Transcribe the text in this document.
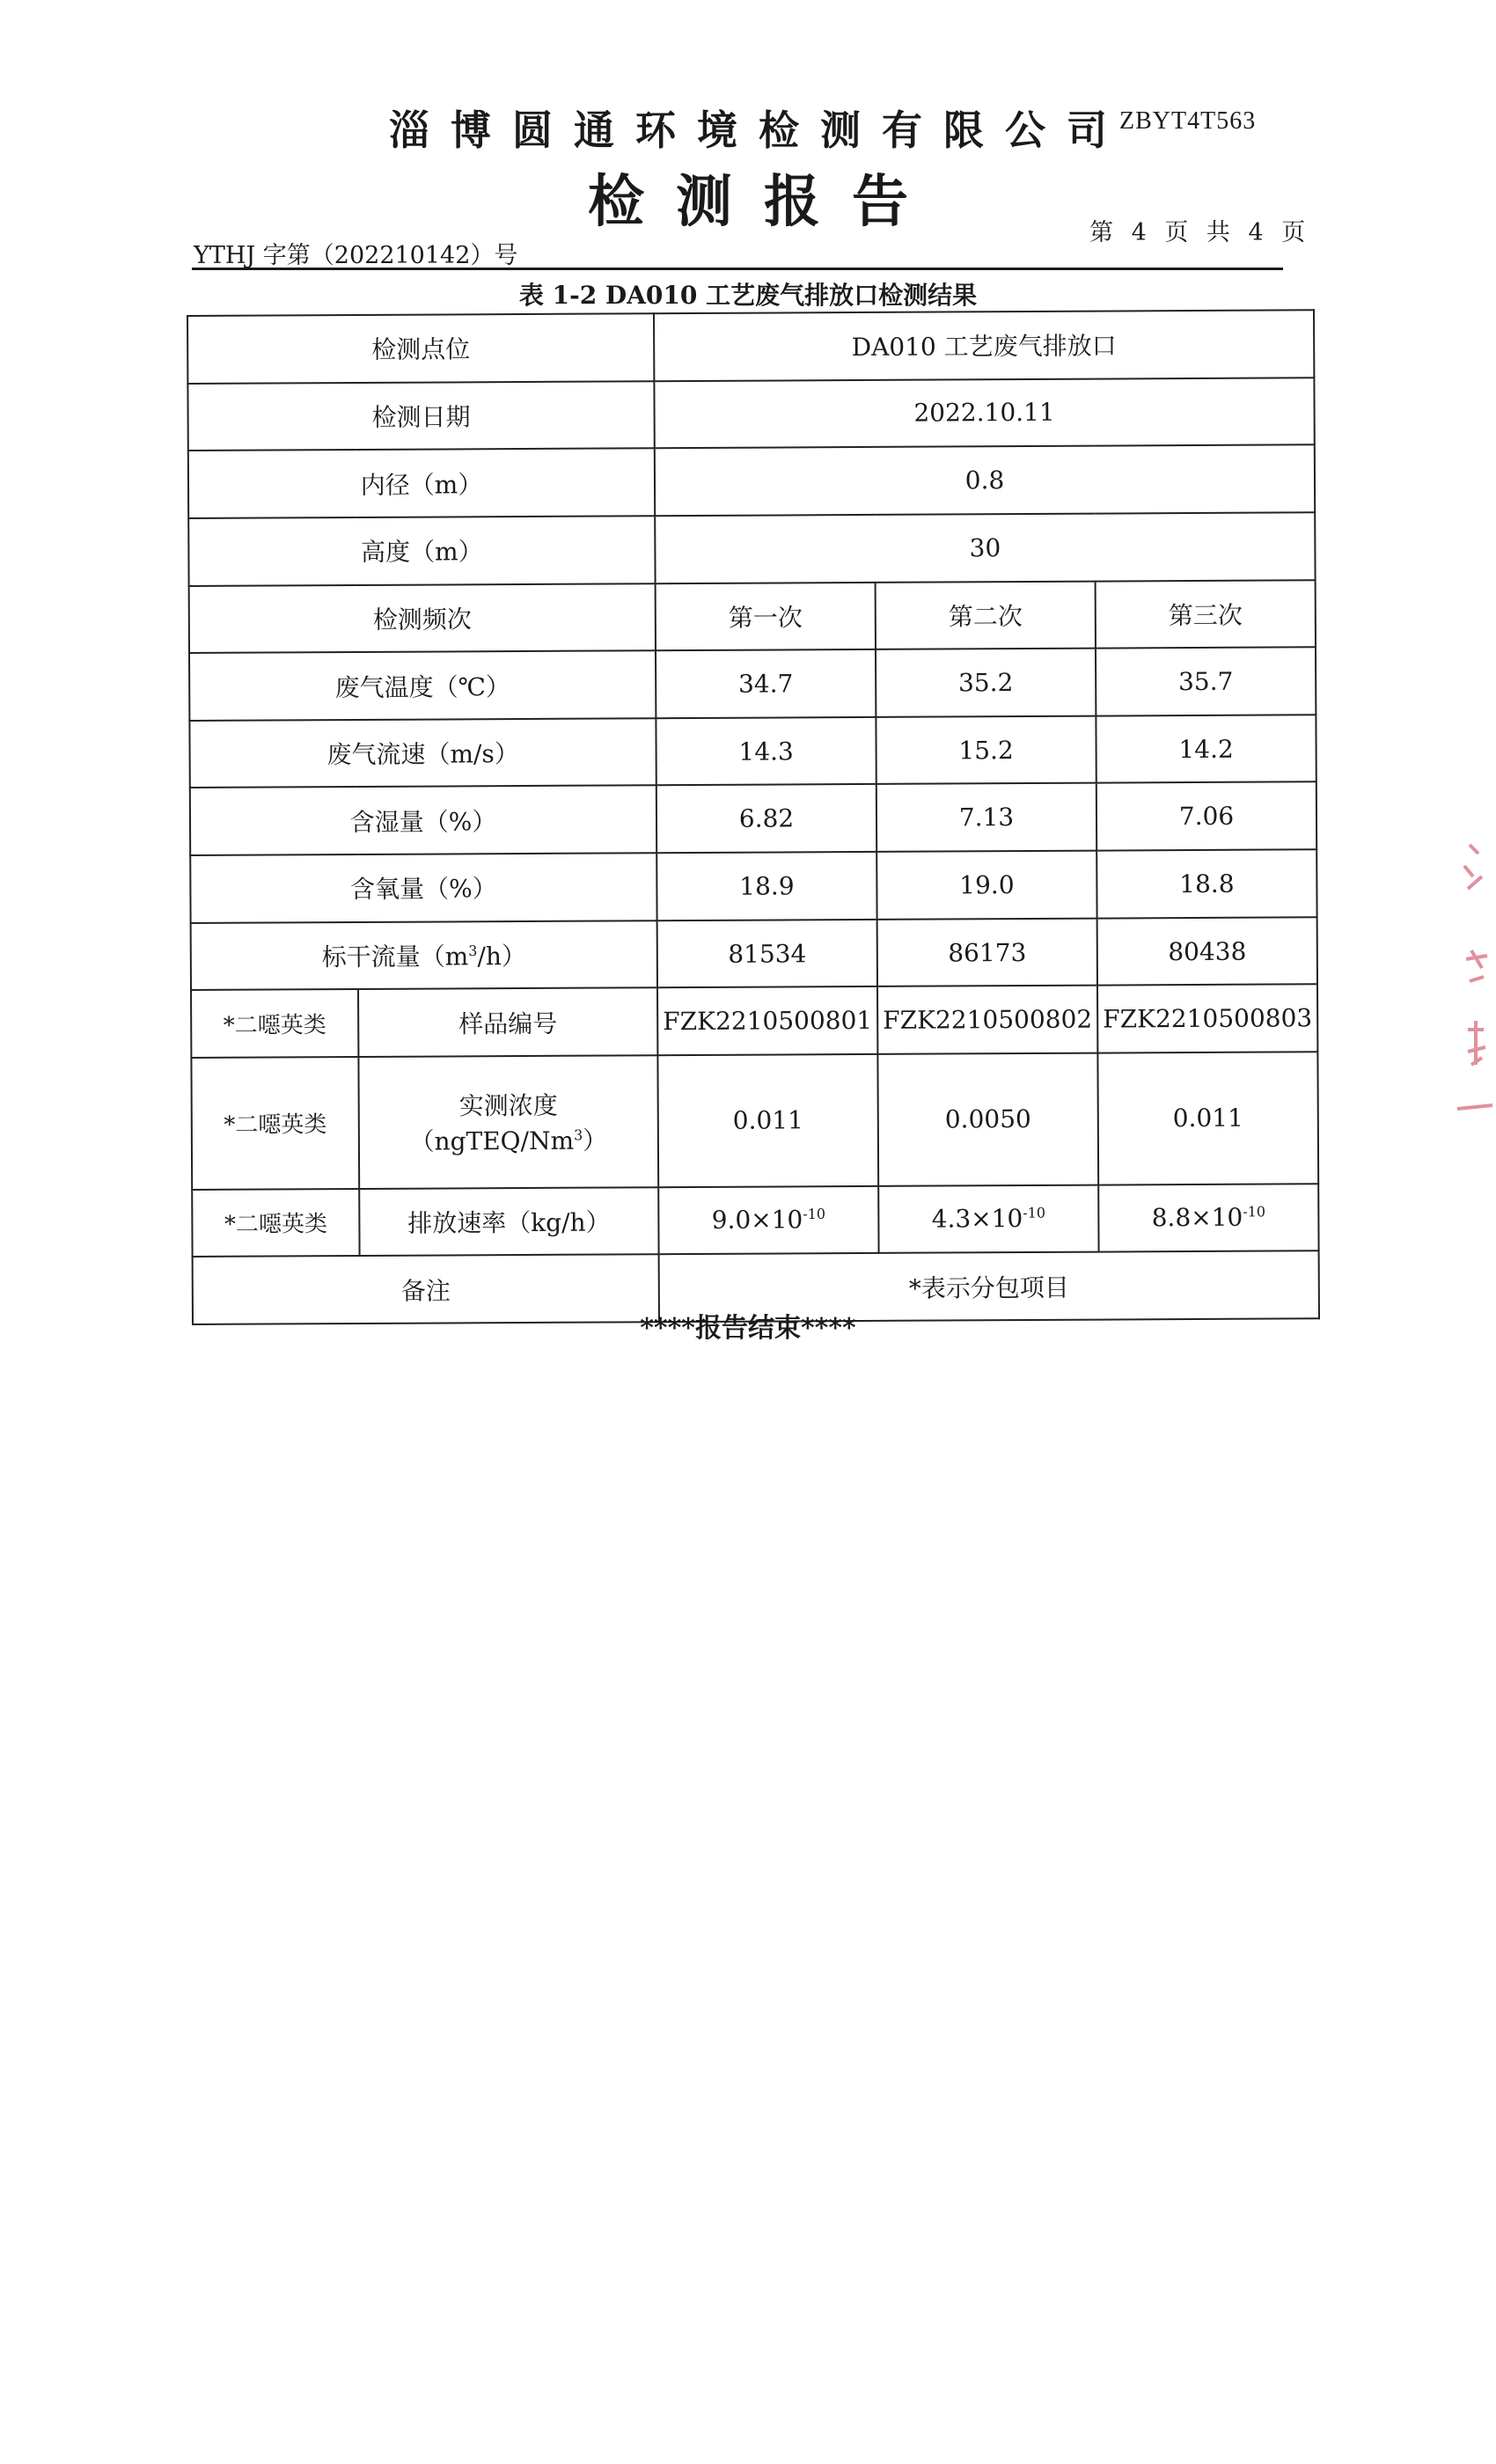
淄博圆通环境检测有限公司
ZBYT4T563
检测报告
YTHJ 字第（202210142）号
第 4 页 共 4 页
表 1-2 DA010 工艺废气排放口检测结果
检测点位		DA010 工艺废气排放口		
检测日期		2022.10.11		
内径（m）		0.8		
高度（m）		30		
检测频次		第一次	第二次	第三次
废气温度（℃）		34.7	35.2	35.7
废气流速（m/s）		14.3	15.2	14.2
含湿量（%）		6.82	7.13	7.06
含氧量（%）		18.9	19.0	18.8
标干流量$(m^3/h)$		81534	86173	80438
*二噁英类	样品编号	FZK2210500801	FZK2210500802	FZK2210500803
*二噁英类	实测浓度（ngTEQ/Nm$^3$）	0.011	0.0050	0.011
*二噁英类	排放速率（kg/h）	$9.0\times 10^{-10}$	$4.3\times 10^{-10}$	$8.8\times 10^{-10}$
备注		*表示分包项目		
****报告结束****
